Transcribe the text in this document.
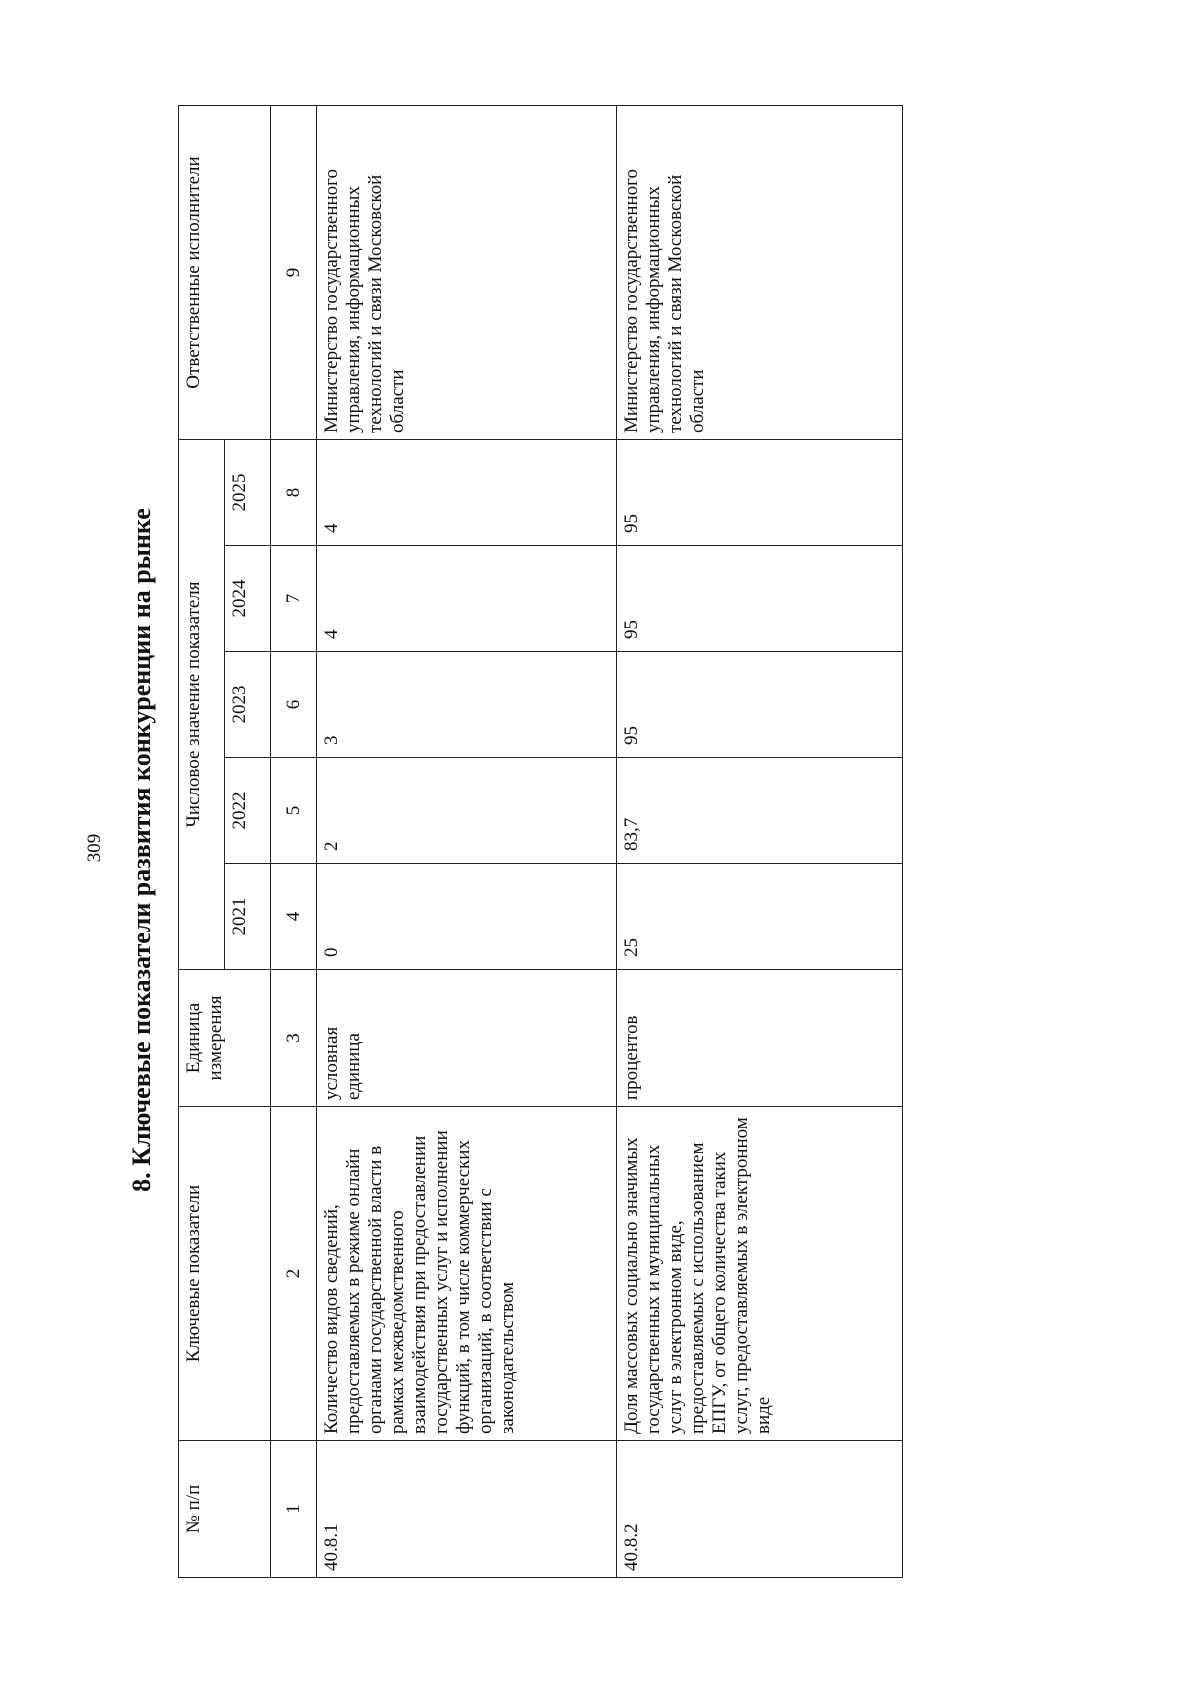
309 8. Ключевые показатели развития конкуренции на рынке
№ п/п	Ключевые показатели	Единица измерения	Числовое значение показателя					Ответственные исполнители
			2021	2022	2023	2024	2025	
1	2	3	4	5	6	7	8	9
40.8.1	Количество видов сведений, предоставляемых в режиме онлайн органами государственной власти в рамках межведомственного взаимодействия при предоставлении государственных услуг и исполнении функций, в том числе коммерческих организаций, в соответствии с законодательством	условная единица	0	2	3	4	4	Министерство государственного управления, информационных технологий и связи Московской области
40.8.2	Доля массовых социально значимых государственных и муниципальных услуг в электронном виде, предоставляемых с использованием ЕПГУ, от общего количества таких услуг, предоставляемых в электронном виде	процентов	25	83,7	95	95	95	Министерство государственного управления, информационных технологий и связи Московской области
